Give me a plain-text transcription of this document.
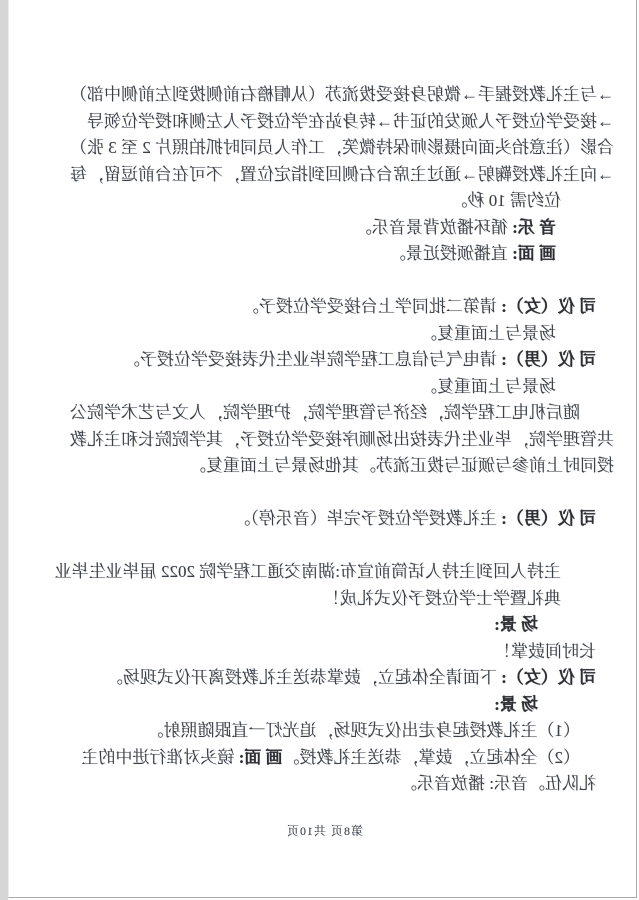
→与主礼教授握手→微躬身接受拨流苏（从帽檐右前侧拨到左前侧中部）
→接受学位授予人颁发的证书→转身站在学位授予人左侧和授学位领导
合影（注意抬头面向摄影师保持微笑，工作人员同时抓拍照片 2 至 3 张）
→向主礼教授鞠躬→通过主席台右侧回到指定位置，不可在台前逗留，每
位约需 10 秒。
音 乐: 循环播放背景音乐。
画 面: 直播颁授近景。
司 仪（女）: 请第二批同学上台接受学位授予。
场景与上面重复。
司 仪（男）: 请电气与信息工程学院毕业生代表接受学位授予。
场景与上面重复。
随后机电工程学院，经济与管理学院，护理学院，人文与艺术学院公
共管理学院，毕业生代表按出场顺序接受学位授予，其学院院长和主礼教
授同时上前参与颁证与拨正流苏。其他场景与上面重复。
司 仪（男）: 主礼教授学位授予完毕（音乐停）。
主持人回到主持人话筒前宣布:湖南交通工程学院 2022 届毕业生毕业
典礼暨学士学位授予仪式礼成！
场 景:
长时间鼓掌！
司 仪（女）: 下面请全体起立，鼓掌恭送主礼教授离开仪式现场。
场 景:
（1）主礼教授起身走出仪式现场，追光灯一直跟随照射。
（2）全体起立，鼓掌，恭送主礼教授。画 面: 镜头对准行进中的主
礼队伍。音乐: 播放音乐。
第8页 共10页
